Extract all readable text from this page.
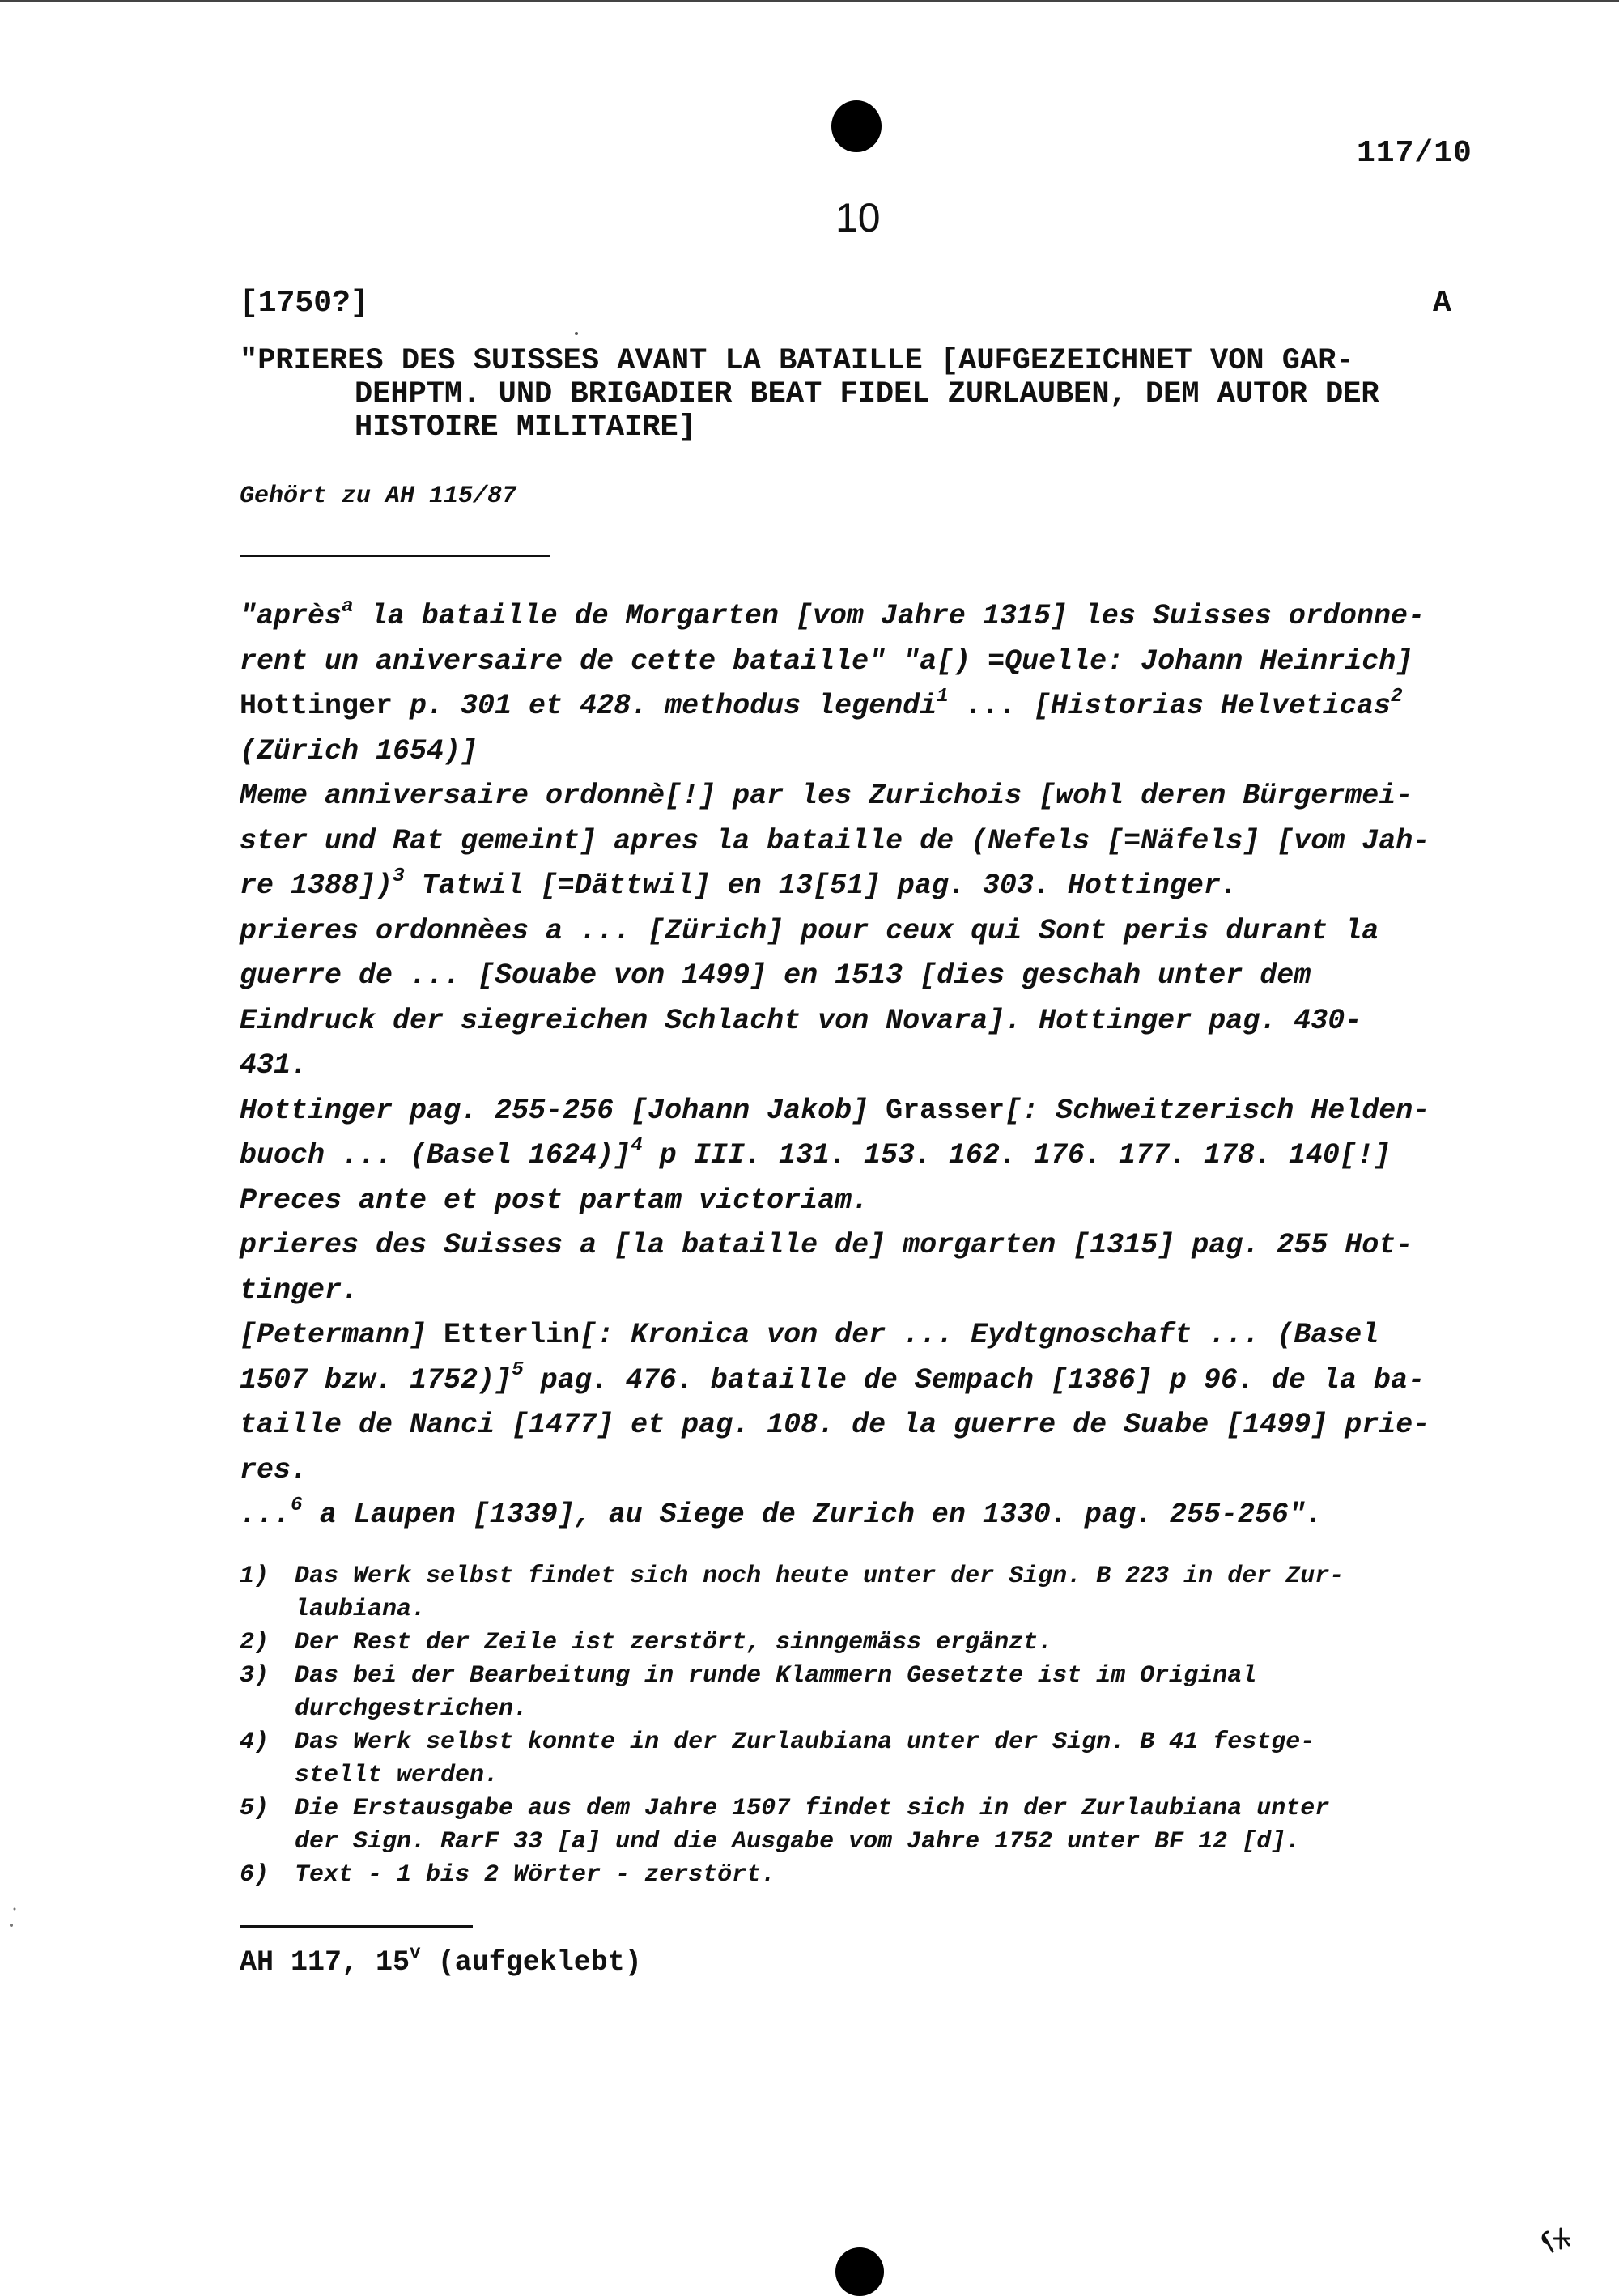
117/10
10
[1750?]	A
"PRIERES DES SUISSES AVANT LA BATAILLE [AUFGEZEICHNET VON GAR-
DEHPTM. UND BRIGADIER BEAT FIDEL ZURLAUBEN, DEM AUTOR DER
HISTOIRE MILITAIRE]
Gehört zu AH 115/87
"après$^a$ la bataille de Morgarten [vom Jahre 1315] les Suisses ordonne-
rent un aniversaire de cette bataille" "a[) =Quelle: Johann Heinrich]
Hottinger p. 301 et 428. methodus legendi$^1$ ... [Historias Helveticas$^2$
(Zürich 1654)]
Meme anniversaire ordonnè[!] par les Zurichois [wohl deren Bürgermei-
ster und Rat gemeint] apres la bataille de (Nefels [=Näfels] [vom Jah-
re 1388])$^3$ Tatwil [=Dättwil] en 13[51] pag. 303. Hottinger.
prieres ordonnèes a ... [Zürich] pour ceux qui Sont peris durant la
guerre de ... [Souabe von 1499] en 1513 [dies geschah unter dem
Eindruck der siegreichen Schlacht von Novara]. Hottinger pag. 430-
431.
Hottinger pag. 255-256 [Johann Jakob] Grasser[: Schweitzerisch Helden-
buoch ... (Basel 1624)]$^4$ p III. 131. 153. 162. 176. 177. 178. 140[!]
Preces ante et post partam victoriam.
prieres des Suisses a [la bataille de] morgarten [1315] pag. 255 Hot-
tinger.
[Petermann] Etterlin[: Kronica von der ... Eydtgnoschaft ... (Basel
1507 bzw. 1752)]$^5$ pag. 476. bataille de Sempach [1386] p 96. de la ba-
taille de Nanci [1477] et pag. 108. de la guerre de Suabe [1499] prie-
res.
...$^6$ a Laupen [1339], au Siege de Zurich en 1330. pag. 255-256".
1)	Das Werk selbst findet sich noch heute unter der Sign. B 223 in der Zur-
laubiana.
2)	Der Rest der Zeile ist zerstört, sinngemäss ergänzt.
3)	Das bei der Bearbeitung in runde Klammern Gesetzte ist im Original
durchgestrichen.
4)	Das Werk selbst konnte in der Zurlaubiana unter der Sign. B 41 festge-
stellt werden.
5)	Die Erstausgabe aus dem Jahre 1507 findet sich in der Zurlaubiana unter
der Sign. RarF 33 [a] und die Ausgabe vom Jahre 1752 unter BF 12 [d].
6)	Text - 1 bis 2 Wörter - zerstört.
AH 117, 15$^v$ (aufgeklebt)
